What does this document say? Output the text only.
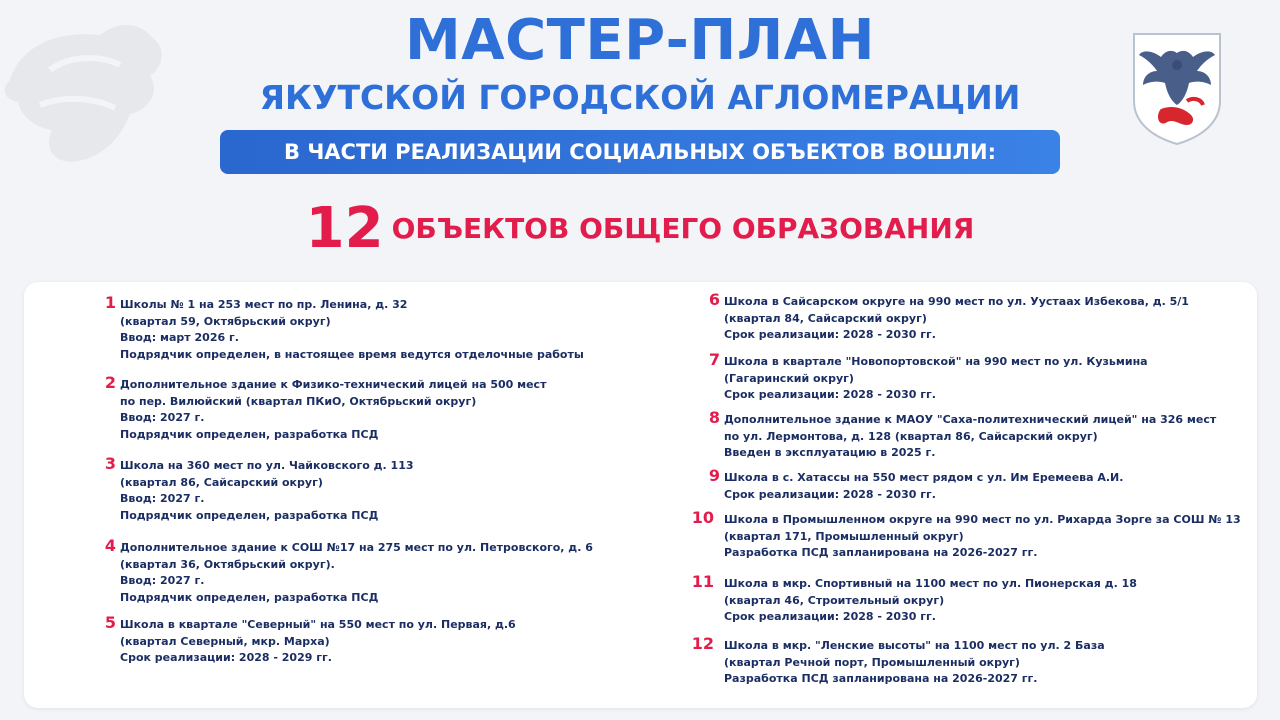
МАСТЕР-ПЛАН
ЯКУТСКОЙ ГОРОДСКОЙ АГЛОМЕРАЦИИ
В ЧАСТИ РЕАЛИЗАЦИИ СОЦИАЛЬНЫХ ОБЪЕКТОВ ВОШЛИ:
12 ОБЪЕКТОВ ОБЩЕГО ОБРАЗОВАНИЯ
1 Школы № 1 на 253 мест по пр. Ленина, д. 32
(квартал 59, Октябрьский округ)
Ввод: март 2026 г.
Подрядчик определен, в настоящее время ведутся отделочные работы
2 Дополнительное здание к Физико-технический лицей на 500 мест
по пер. Вилюйский (квартал ПКиО, Октябрьский округ)
Ввод: 2027 г.
Подрядчик определен, разработка ПСД
3 Школа на 360 мест по ул. Чайковского д. 113
(квартал 86, Сайсарский округ)
Ввод: 2027 г.
Подрядчик определен, разработка ПСД
4 Дополнительное здание к СОШ №17 на 275 мест по ул. Петровского, д. 6
(квартал 36, Октябрьский округ).
Ввод: 2027 г.
Подрядчик определен, разработка ПСД
5 Школа в квартале "Северный" на 550 мест по ул. Первая, д.6
(квартал Северный, мкр. Марха)
Срок реализации: 2028 - 2029 гг.
6 Школа в Сайсарском округе на 990 мест по ул. Уустаах Избекова, д. 5/1
(квартал 84, Сайсарский округ)
Срок реализации: 2028 - 2030 гг.
7 Школа в квартале "Новопортовской" на 990 мест по ул. Кузьмина
(Гагаринский округ)
Срок реализации: 2028 - 2030 гг.
8 Дополнительное здание к МАОУ "Саха-политехнический лицей" на 326 мест
по ул. Лермонтова, д. 128 (квартал 86, Сайсарский округ)
Введен в эксплуатацию в 2025 г.
9 Школа в с. Хатассы на 550 мест рядом с ул. Им Еремеева А.И.
Срок реализации: 2028 - 2030 гг.
10 Школа в Промышленном округе на 990 мест по ул. Рихарда Зорге за СОШ № 13
(квартал 171, Промышленный округ)
Разработка ПСД запланирована на 2026-2027 гг.
11 Школа в мкр. Спортивный на 1100 мест по ул. Пионерская д. 18
(квартал 46, Строительный округ)
Срок реализации: 2028 - 2030 гг.
12 Школа в мкр. "Ленские высоты" на 1100 мест по ул. 2 База
(квартал Речной порт, Промышленный округ)
Разработка ПСД запланирована на 2026-2027 гг.
